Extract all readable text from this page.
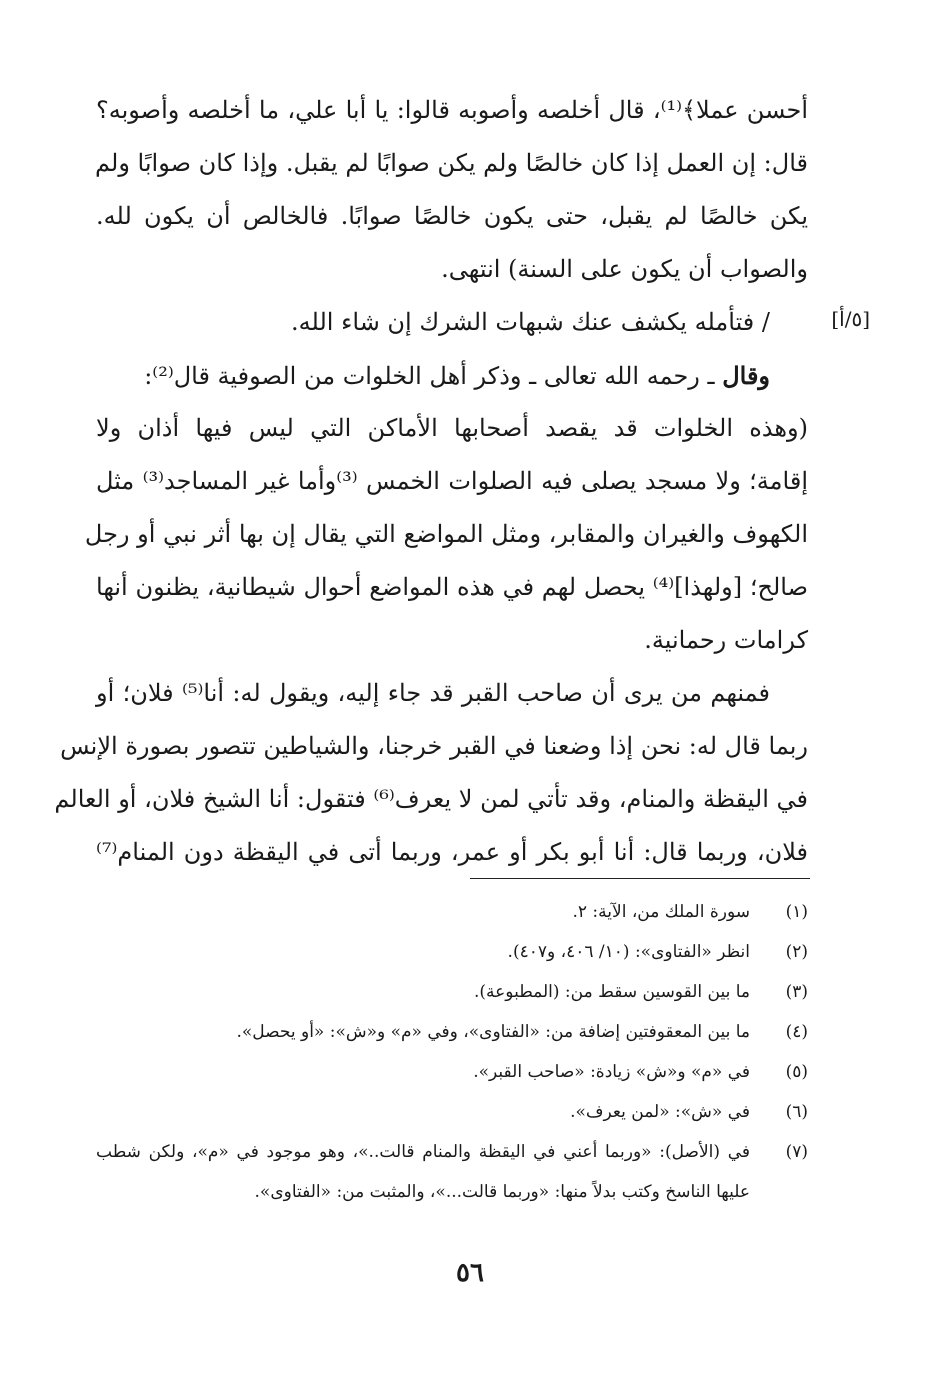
أحسن عملا﴾⁽¹⁾، قال أخلصه وأصوبه قالوا: يا أبا علي، ما أخلصه وأصوبه؟
قال: إن العمل إذا كان خالصًا ولم يكن صوابًا لم يقبل. وإذا كان صوابًا ولم
يكن خالصًا لم يقبل، حتى يكون خالصًا صوابًا. فالخالص أن يكون لله.
والصواب أن يكون على السنة) انتهى.
/ فتأمله يكشف عنك شبهات الشرك إن شاء الله.
وقال ـ رحمه الله تعالى ـ وذكر أهل الخلوات من الصوفية قال⁽²⁾:
(وهذه الخلوات قد يقصد أصحابها الأماكن التي ليس فيها أذان ولا
إقامة؛ ولا مسجد يصلى فيه الصلوات الخمس ⁽³⁾وأما غير المساجد⁽³⁾ مثل
الكهوف والغيران والمقابر، ومثل المواضع التي يقال إن بها أثر نبي أو رجل
صالح؛ [ولهذا]⁽⁴⁾ يحصل لهم في هذه المواضع أحوال شيطانية، يظنون أنها
كرامات رحمانية.
فمنهم من يرى أن صاحب القبر قد جاء إليه، ويقول له: أنا⁽⁵⁾ فلان؛ أو
ربما قال له: نحن إذا وضعنا في القبر خرجنا، والشياطين تتصور بصورة الإنس
في اليقظة والمنام، وقد تأتي لمن لا يعرف⁽⁶⁾ فتقول: أنا الشيخ فلان، أو العالم
فلان، وربما قال: أنا أبو بكر أو عمر، وربما أتى في اليقظة دون المنام⁽⁷⁾
[٥/أ]
(١)
سورة الملك من، الآية: ٢.
(٢)
انظر «الفتاوى»: (١٠/ ٤٠٦، و٤٠٧).
(٣)
ما بين القوسين سقط من: (المطبوعة).
(٤)
ما بين المعقوفتين إضافة من: «الفتاوى»، وفي «م» و«ش»: «أو يحصل».
(٥)
في «م» و«ش» زيادة: «صاحب القبر».
(٦)
في «ش»: «لمن يعرف».
(٧)
في (الأصل): «وربما أعني في اليقظة والمنام قالت..»، وهو موجود في «م»، ولكن شطب عليها الناسخ وكتب بدلاً منها: «وربما قالت...»، والمثبت من: «الفتاوى».
٥٦
